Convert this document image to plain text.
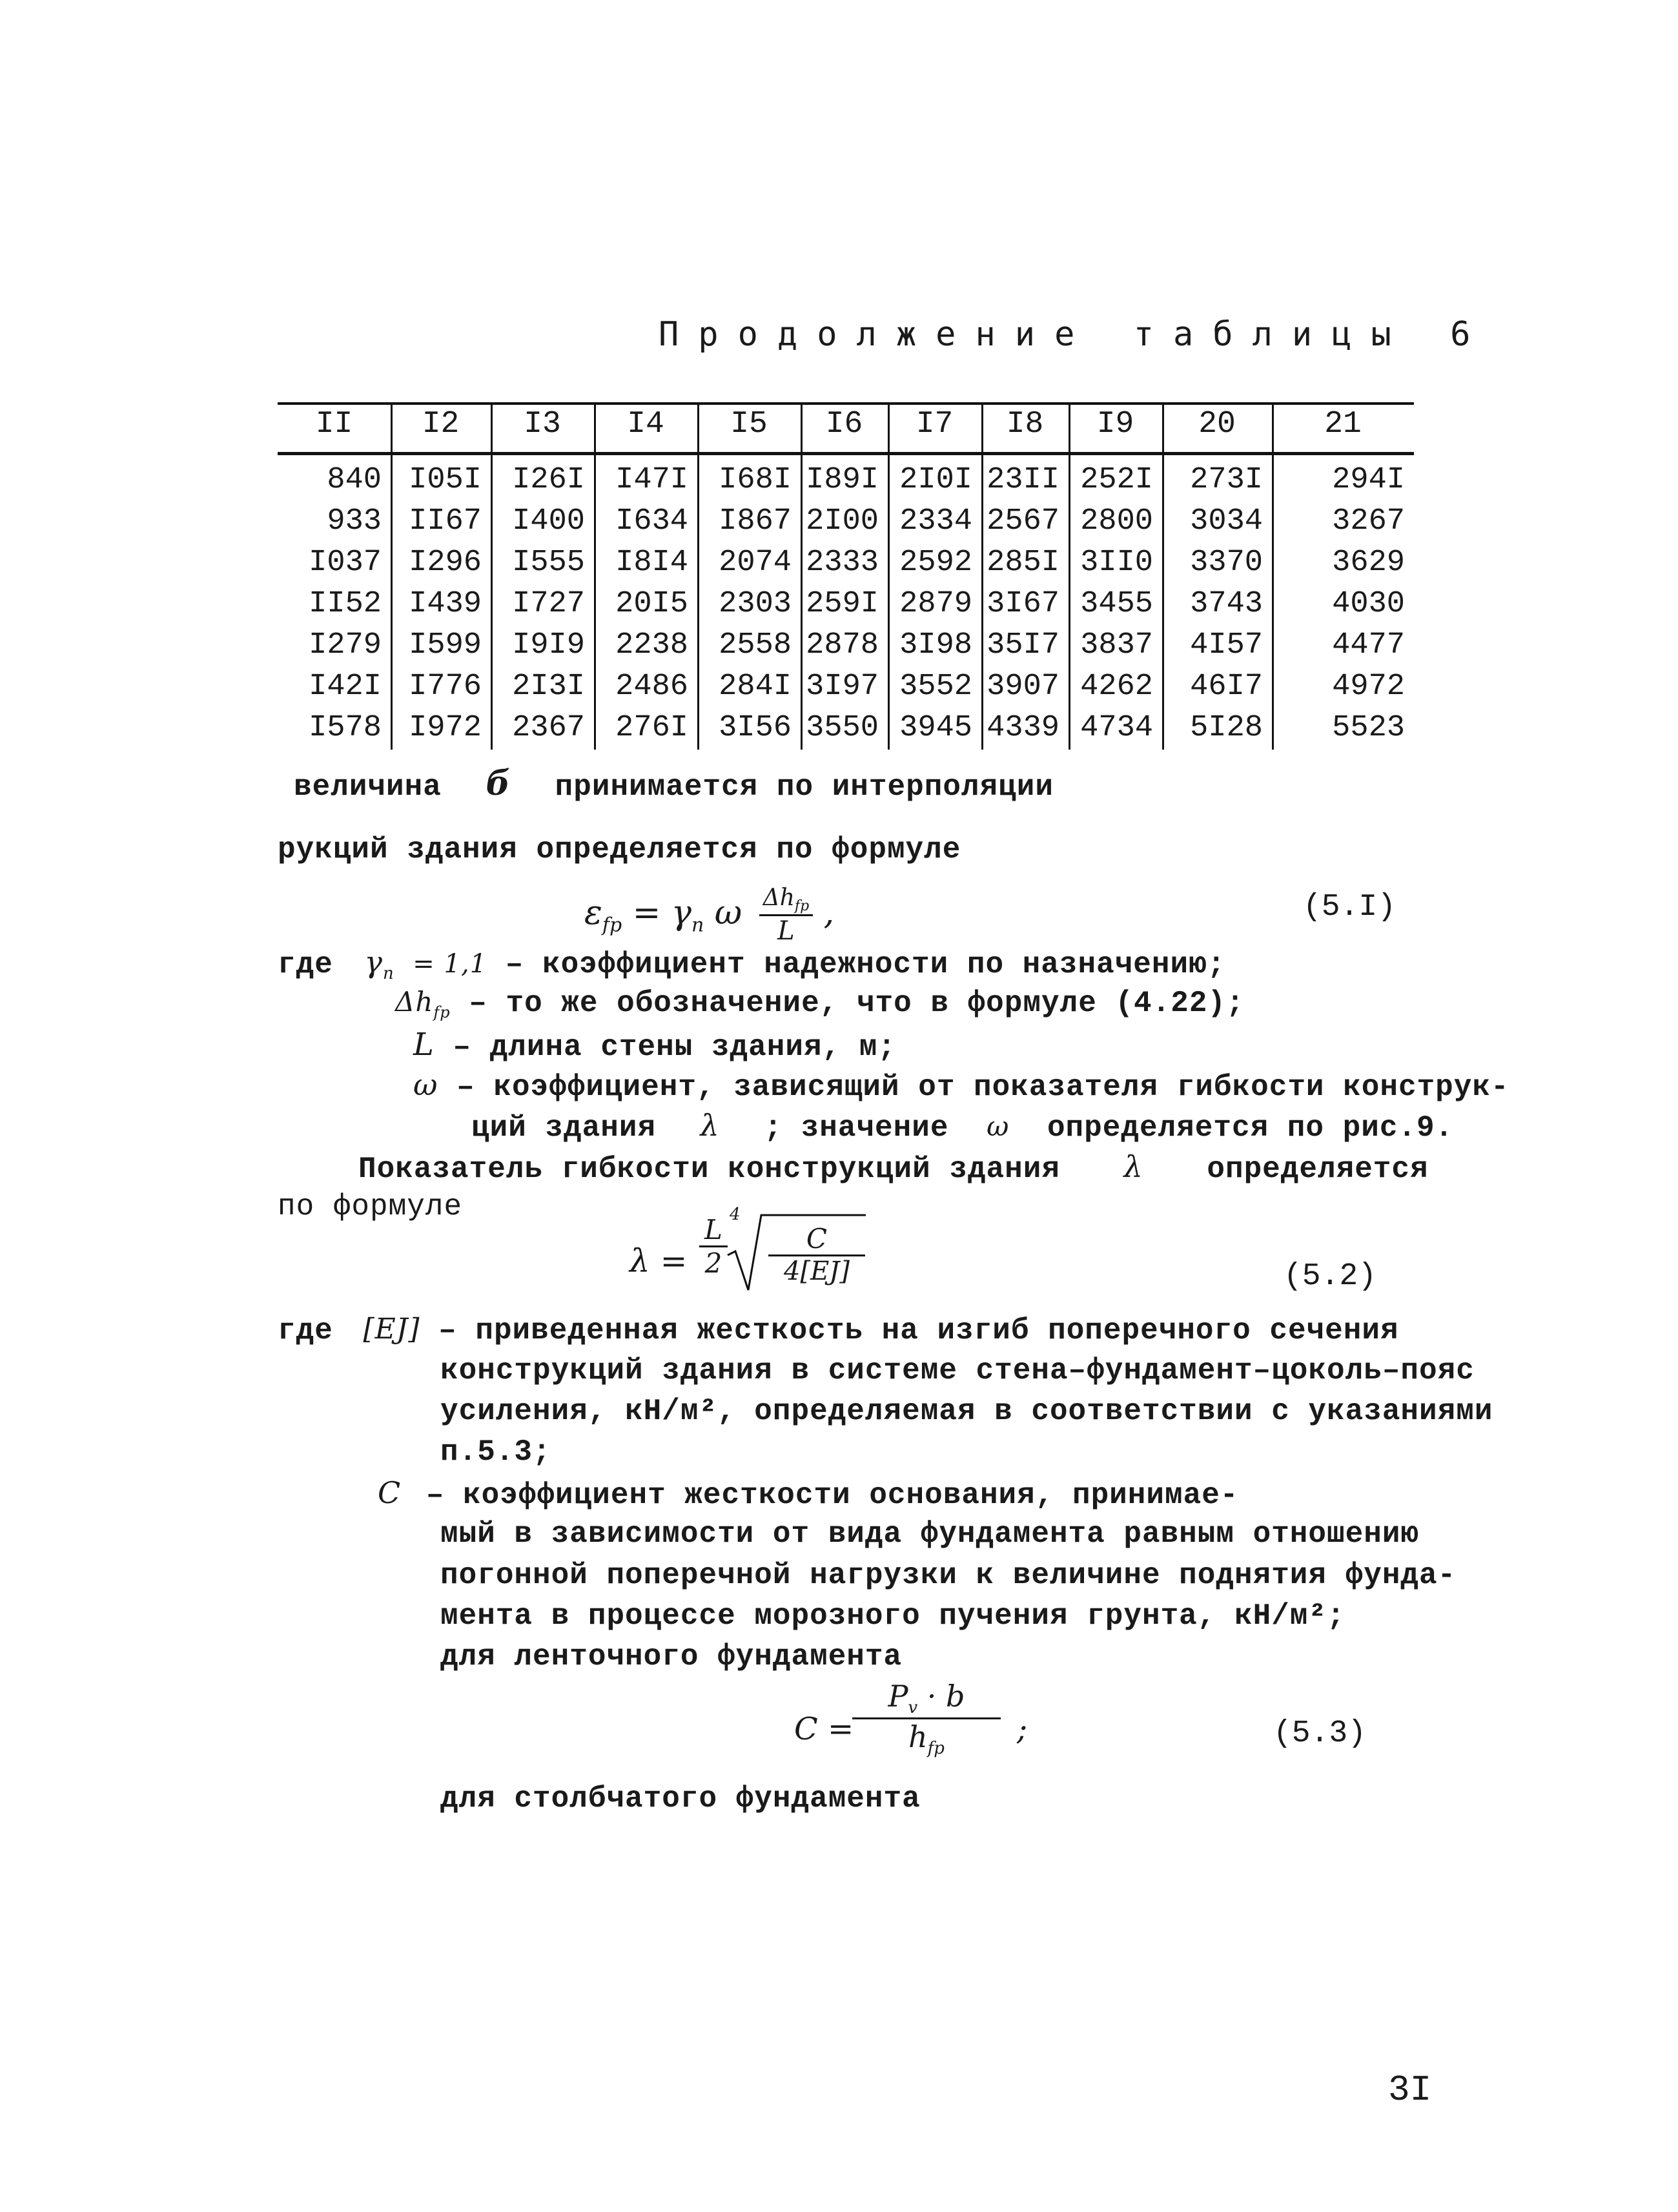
Продолжение таблицы 6
II	I2	I3	I4	I5	I6	I7	I8	I9	20	21
840 I05I	I26I	I47I	I68I I89I 2I0I 23II 252I	273I	294I
933 II67	I400	I634	I867 2I00 2334 2567 2800	3034	3267
I037 I296	I555	I8I4	2074 2333 2592 285I 3II0	3370	3629
II52 I439	I727	20I5	2303 259I 2879 3I67 3455	3743	4030
I279 I599	I9I9	2238	2558 2878 3I98 35I7 3837	4I57	4477
I42I I776	2I3I	2486	284I 3I97 3552 3907 4262	46I7	4972
I578 I972	2367	276I	3I56 3550 3945 4339 4734	5I28	5523
величина б принимается по интерполяции
рукций здания определяется по формуле
$\varepsilon_{fp} = \gamma_n$ ω $\Delta h_{fp}$
L ,	(5.I)
где $\gamma_n = 1,1$ – коэффициент надежности по назначению;
$\Delta h_{fp}$ – то же обозначение, что в формуле (4.22);
L – длина стены здания, м;
ω – коэффициент, зависящий от показателя гибкости конструк-
ций здания λ ; значение ω определяется по рис.9.
Показатель гибкости конструкций здания λ определяется
по формуле
λ =
L
2
4
C
4[EJ]	(5.2)
где [EJ] – приведенная жесткость на изгиб поперечного сечения
конструкций здания в системе стена–фундамент–цоколь–пояс
усиления, кН/м², определяемая в соответствии с указаниями
п.5.3;
C – коэффициент жесткости основания, принимае-
мый в зависимости от вида фундамента равным отношению
погонной поперечной нагрузки к величине поднятия фунда-
мента в процессе морозного пучения грунта, кН/м²;
для ленточного фундамента
C =
$P_v \cdot b$
$h_{fp}$
;	(5.3)
для столбчатого фундамента
3I
